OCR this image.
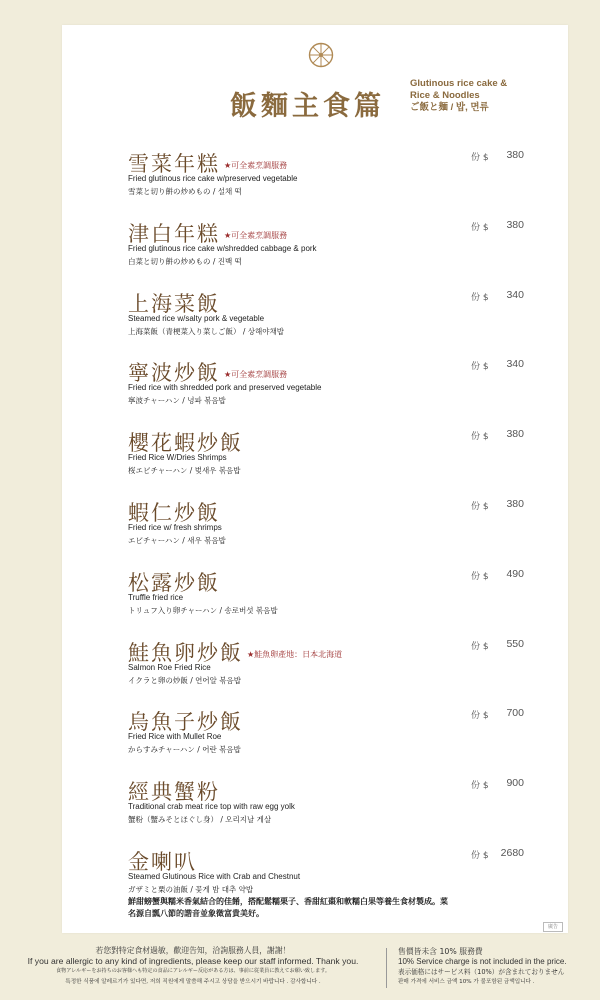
飯麵主食篇
Glutinous rice cake &
Rice & Noodles
ご飯と麺 / 밥, 면류
雪菜年糕 ★可全素烹調服務
Fried glutinous rice cake w/preserved vegetable
雪菜と切り餅の炒めもの / 설채 떡
份 $	380
津白年糕 ★可全素烹調服務
Fried glutinous rice cake w/shredded cabbage & pork
白菜と切り餅の炒めもの / 진백 떡
份 $	380
上海菜飯
Steamed rice w/salty pork & vegetable
上海菜飯（青梗菜入り菜しご飯） / 상해야채밥
份 $	340
寧波炒飯 ★可全素烹調服務
Fried rice with shredded pork and preserved vegetable
寧波チャーハン / 녕파 볶음밥
份 $	340
櫻花蝦炒飯
Fried Rice W/Dries Shrimps
桜エビチャーハン / 벚새우 볶음밥
份 $	380
蝦仁炒飯
Fried rice w/ fresh shrimps
エビチャーハン / 새우 볶음밥
份 $	380
松露炒飯
Truffle fried rice
トリュフ入り卵チャーハン / 송로버섯 볶음밥
份 $	490
鮭魚卵炒飯 ★鮭魚卵產地：日本北海道
Salmon Roe Fried Rice
イクラと卵の炒飯 / 연어알 볶음밥
份 $	550
烏魚子炒飯
Fried Rice with Mullet Roe
からすみチャーハン / 어란 볶음밥
份 $	700
經典蟹粉
Traditional crab meat rice top with raw egg yolk
蟹粉（蟹みそとほぐし身） / 오리지날 게살
份 $	900
金喇叭
Steamed Glutinous Rice with Crab and Chestnut
ガザミと栗の油飯 / 꽃게 밤 대추 약밥
鮮甜螃蟹與糯米香氣結合的佳餚，搭配鬆糯栗子、香甜紅棗和軟糯白果等養生食材製成。菜名源自瓢八節的諧音並象徵富貴美好。
份 $	2680
廣告
若您對特定食材過敏，歡迎告知，洽詢服務人員，謝謝！
If you are allergic to any kind of ingredients, please keep our staff informed. Thank you.
食物アレルギーをお持ちのお客様へも特定の食品にアレルギー反応がある方は、事前に従業員に教えてお願い致します。
특정한 식품에 알레르기가 있다면, 저희 직원에게 말씀해 주시고 상담을 받으시기 바랍니다 . 감사합니다 .
售價皆未含 10% 服務費
10% Service charge is not included in the price.
表示価格にはサービス料（10%）が含まれておりません
판매 가격에 서비스 금액 10% 가 불포함된 금액입니다 .
